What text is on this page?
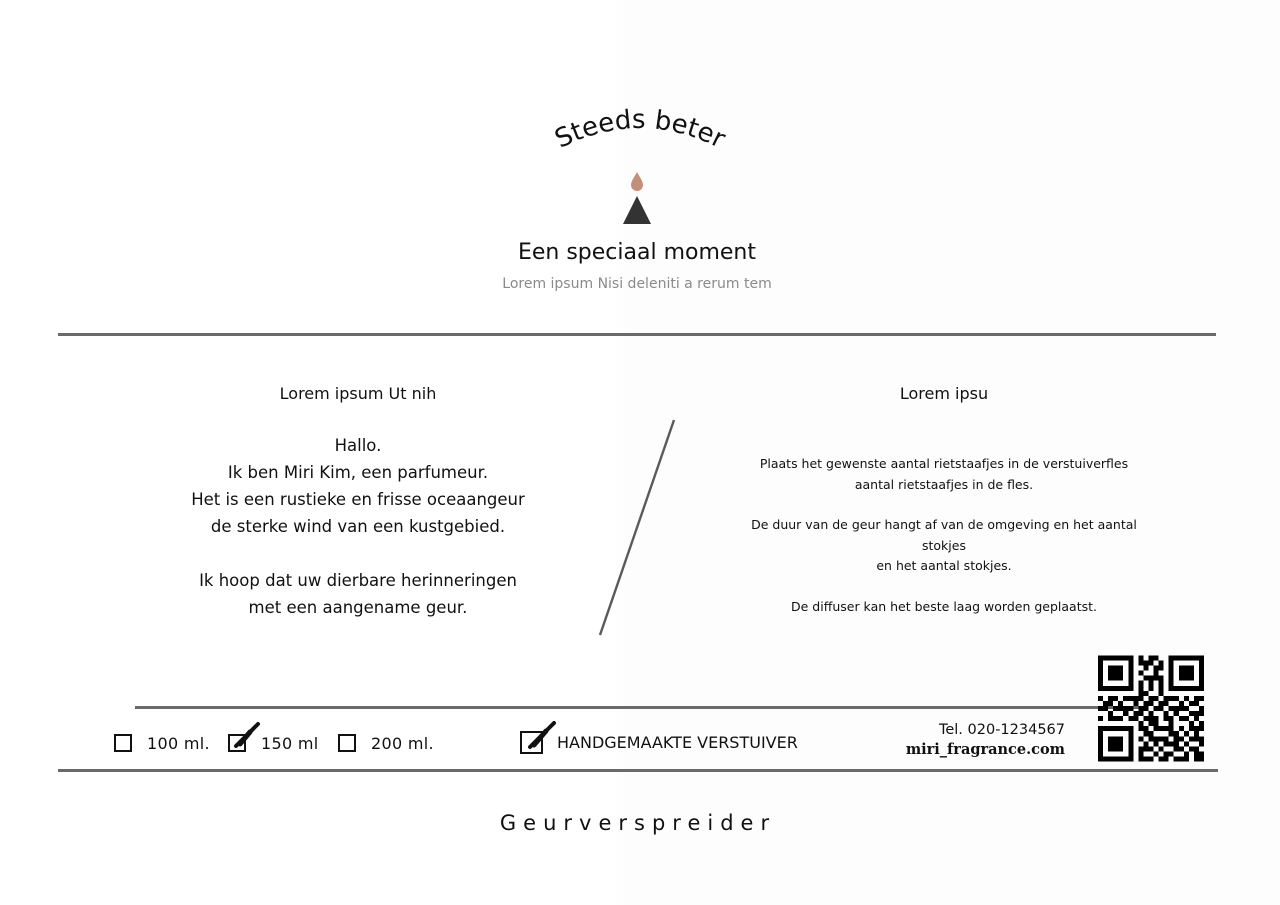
Steeds beter
Een speciaal moment
Lorem ipsum Nisi deleniti a rerum tem
Lorem ipsum Ut nih

Hallo.
Ik ben Miri Kim, een parfumeur.
Het is een rustieke en frisse oceaangeur
de sterke wind van een kustgebied.

Ik hoop dat uw dierbare herinneringen
met een aangename geur.

Lorem ipsu

Plaats het gewenste aantal rietstaafjes in de verstuiverfles
aantal rietstaafjes in de fles.

De duur van de geur hangt af van de omgeving en het aantal stokjes
en het aantal stokjes.

De diffuser kan het beste laag worden geplaatst.

100 ml.	150 ml	200 ml.	HANDGEMAAKTE VERSTUIVER
Tel. 020-1234567
miri_fragrance.com
Geurverspreider
